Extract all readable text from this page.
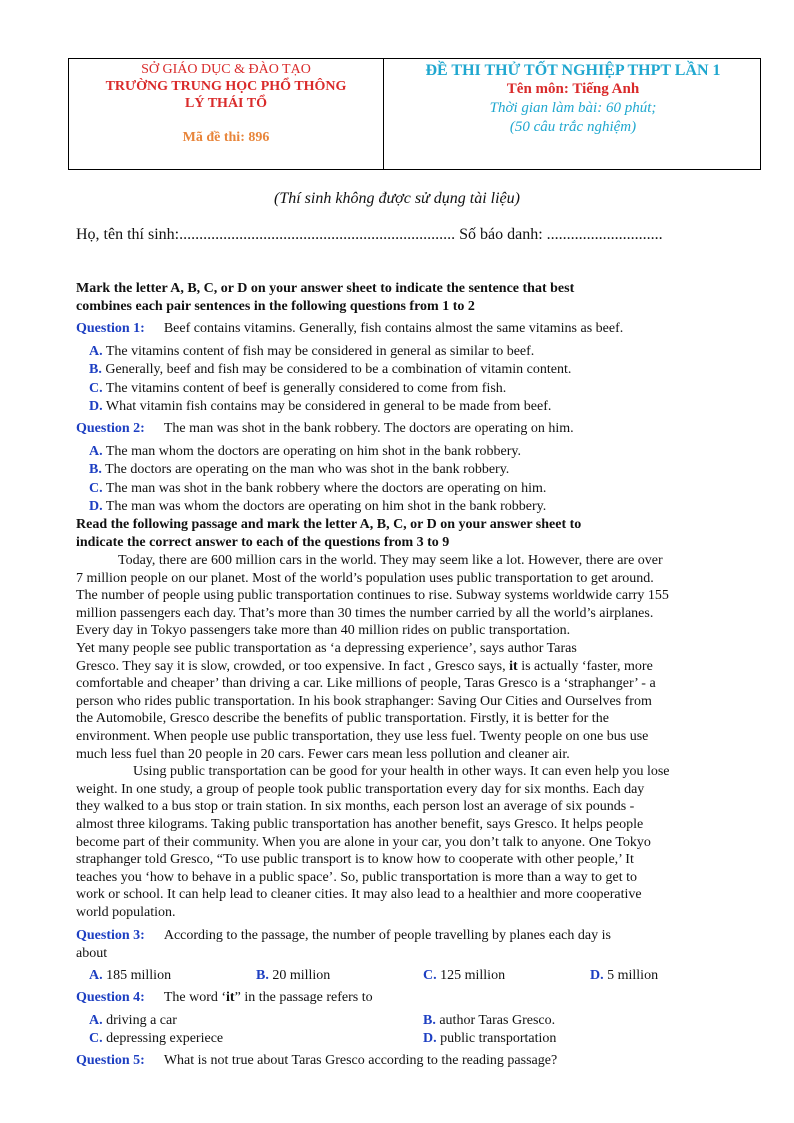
SỞ GIÁO DỤC & ĐÀO TẠO
TRƯỜNG TRUNG HỌC PHỔ THÔNG
LÝ THÁI TỔ
Mã đề thi: 896
ĐỀ THI THỬ TỐT NGHIỆP THPT LẦN 1
Tên môn: Tiếng Anh
Thời gian làm bài: 60 phút;
(50 câu trắc nghiệm)
(Thí sinh không được sử dụng tài liệu)
Họ, tên thí sinh:..................................................................... Số báo danh: .............................
Mark the letter A, B, C, or D on your answer sheet to indicate the sentence that best
combines each pair sentences in the following questions from 1 to 2
Question 1: Beef contains vitamins. Generally, fish contains almost the same vitamins as beef.
A. The vitamins content of fish may be considered in general as similar to beef.
B. Generally, beef and fish may be considered to be a combination of vitamin content.
C. The vitamins content of beef is generally considered to come from fish.
D. What vitamin fish contains may be considered in general to be made from beef.
Question 2: The man was shot in the bank robbery. The doctors are operating on him.
A. The man whom the doctors are operating on him shot in the bank robbery.
B. The doctors are operating on the man who was shot in the bank robbery.
C. The man was shot in the bank robbery where the doctors are operating on him.
D. The man was whom the doctors are operating on him shot in the bank robbery.
Read the following passage and mark the letter A, B, C, or D on your answer sheet to
indicate the correct answer to each of the questions from 3 to 9
Today, there are 600 million cars in the world. They may seem like a lot. However, there are over
7 million people on our planet. Most of the world’s population uses public transportation to get around.
The number of people using public transportation continues to rise. Subway systems worldwide carry 155
million passengers each day. That’s more than 30 times the number carried by all the world’s airplanes.
Every day in Tokyo passengers take more than 40 million rides on public transportation.
Yet many people see public transportation as ‘a depressing experience’, says author Taras
Gresco. They say it is slow, crowded, or too expensive. In fact , Gresco says, it is actually ‘faster, more
comfortable and cheaper’ than driving a car. Like millions of people, Taras Gresco is a ‘straphanger’ - a
person who rides public transportation. In his book straphanger: Saving Our Cities and Ourselves from
the Automobile, Gresco describe the benefits of public transportation. Firstly, it is better for the
environment. When people use public transportation, they use less fuel. Twenty people on one bus use
much less fuel than 20 people in 20 cars. Fewer cars mean less pollution and cleaner air.
Using public transportation can be good for your health in other ways. It can even help you lose
weight. In one study, a group of people took public transportation every day for six months. Each day
they walked to a bus stop or train station. In six months, each person lost an average of six pounds -
almost three kilograms. Taking public transportation has another benefit, says Gresco. It helps people
become part of their community. When you are alone in your car, you don’t talk to anyone. One Tokyo
straphanger told Gresco, “To use public transport is to know how to cooperate with other people,’ It
teaches you ‘how to behave in a public space’. So, public transportation is more than a way to get to
work or school. It can help lead to cleaner cities. It may also lead to a healthier and more cooperative
world population.
Question 3: According to the passage, the number of people travelling by planes each day is
about
A. 185 million	B. 20 million	C. 125 million	D. 5 million
Question 4: The word ‘it” in the passage refers to
A. driving a car	B. author Taras Gresco.
C. depressing experiece	D. public transportation
Question 5: What is not true about Taras Gresco according to the reading passage?
